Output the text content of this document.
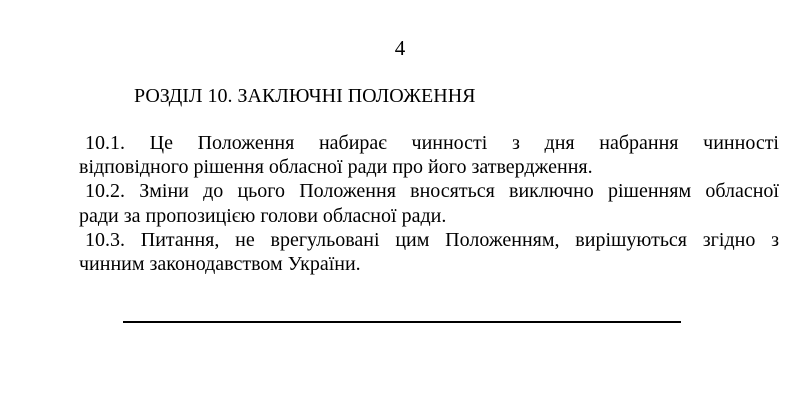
4
РОЗДІЛ 10. ЗАКЛЮЧНІ ПОЛОЖЕННЯ

10.1. Це Положення набирає чинності з дня набрання чинності
відповідного рішення обласної ради про його затвердження.

10.2. Зміни до цього Положення вносяться виключно рішенням обласної
ради за пропозицією голови обласної ради.

10.3. Питання, не врегульовані цим Положенням, вирішуються згідно з
чинним законодавством України.
